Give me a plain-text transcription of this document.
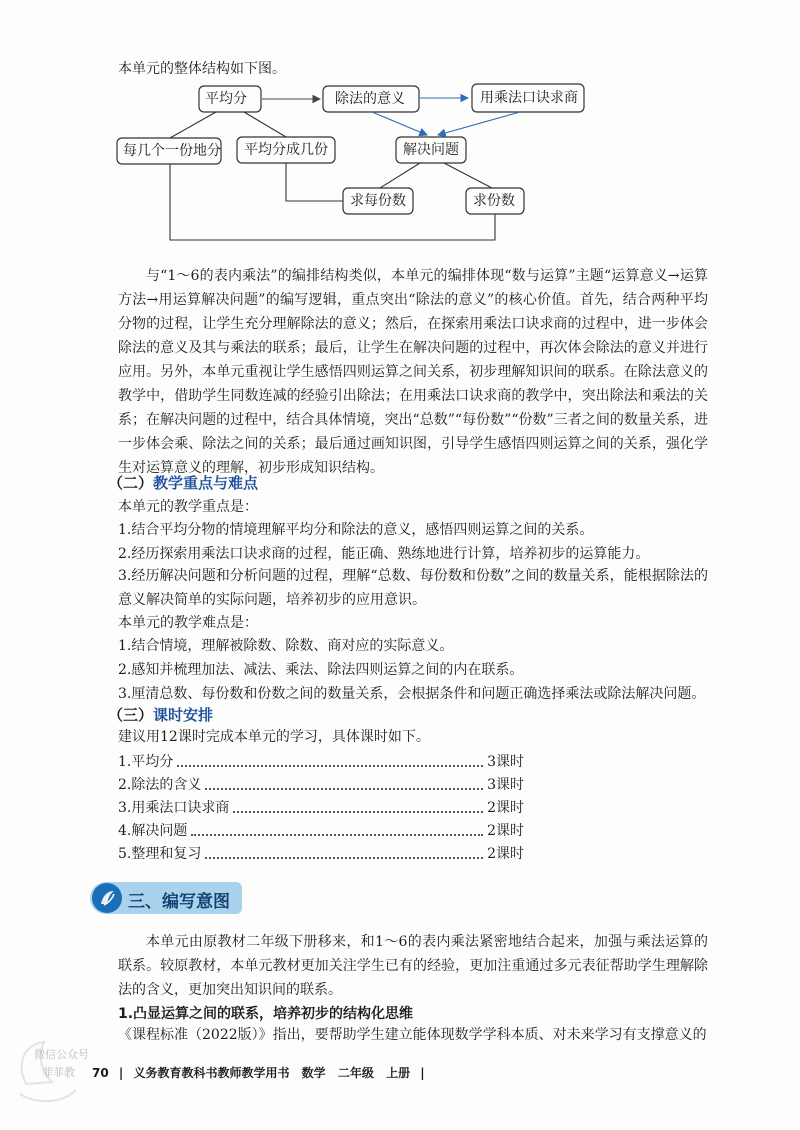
本单元的整体结构如下图。
平均分	除法的意义	用乘法口诀求商
每几个一份地分 平均分成几份	解决问题
求每份数	求份数
与“1～6的表内乘法”的编排结构类似，本单元的编排体现“数与运算”主题“运算意义→运算方法→用运算解决问题”的编写逻辑，重点突出“除法的意义”的核心价值。首先，结合两种平均分物的过程，让学生充分理解除法的意义；然后，在探索用乘法口诀求商的过程中，进一步体会除法的意义及其与乘法的联系；最后，让学生在解决问题的过程中，再次体会除法的意义并进行应用。另外，本单元重视让学生感悟四则运算之间关系，初步理解知识间的联系。在除法意义的教学中，借助学生同数连减的经验引出除法；在用乘法口诀求商的教学中，突出除法和乘法的关系；在解决问题的过程中，结合具体情境，突出“总数”“每份数”“份数”三者之间的数量关系，进一步体会乘、除法之间的关系；最后通过画知识图，引导学生感悟四则运算之间的关系，强化学生对运算意义的理解，初步形成知识结构。
（二）教学重点与难点
本单元的教学重点是：
1.结合平均分物的情境理解平均分和除法的意义，感悟四则运算之间的关系。
2.经历探索用乘法口诀求商的过程，能正确、熟练地进行计算，培养初步的运算能力。
3.经历解决问题和分析问题的过程，理解“总数、每份数和份数”之间的数量关系，能根据除法的意义解决简单的实际问题，培养初步的应用意识。
本单元的教学难点是：
1.结合情境，理解被除数、除数、商对应的实际意义。
2.感知并梳理加法、减法、乘法、除法四则运算之间的内在联系。
3.厘清总数、每份数和份数之间的数量关系，会根据条件和问题正确选择乘法或除法解决问题。
（三）课时安排
建议用12课时完成本单元的学习，具体课时如下。
1.平均分	3课时
2.除法的含义	3课时
3.用乘法口诀求商	2课时
4.解决问题	2课时
5.整理和复习	2课时
三、编写意图
本单元由原教材二年级下册移来，和1～6的表内乘法紧密地结合起来，加强与乘法运算的联系。较原教材，本单元教材更加关注学生已有的经验，更加注重通过多元表征帮助学生理解除法的含义，更加突出知识间的联系。
1.凸显运算之间的联系，培养初步的结构化思维
《课程标准（2022版）》指出，要帮助学生建立能体现数学学科本质、对未来学习有支撑意义的
微信公众号
菲菲教 70 | 义务教育教科书教师教学用书 数学 二年级 上册 |
